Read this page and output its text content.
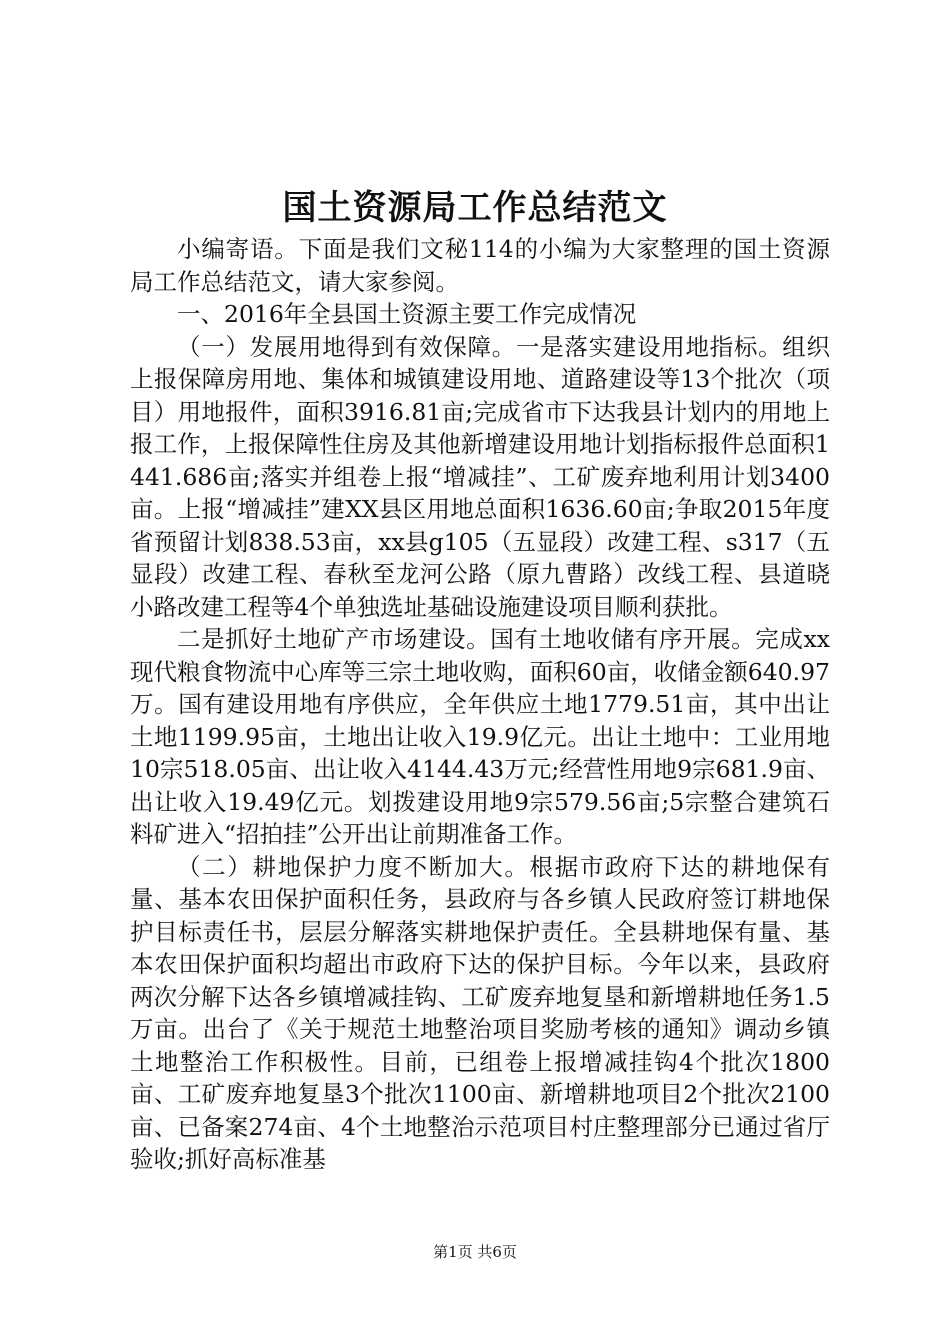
国土资源局工作总结范文

小编寄语。下面是我们文秘114的小编为大家整理的国土资源局工作总结范文，请大家参阅。

一、2016年全县国土资源主要工作完成情况

（一）发展用地得到有效保障。一是落实建设用地指标。组织上报保障房用地、集体和城镇建设用地、道路建设等13个批次（项目）用地报件，面积3916.81亩;完成省市下达我县计划内的用地上报工作，上报保障性住房及其他新增建设用地计划指标报件总面积1441.686亩;落实并组卷上报“增减挂”、工矿废弃地利用计划3400亩。上报“增减挂”建XX县区用地总面积1636.60亩;争取2015年度省预留计划838.53亩，xx县g105（五显段）改建工程、s317（五显段）改建工程、春秋至龙河公路（原九曹路）改线工程、县道晓小路改建工程等4个单独选址基础设施建设项目顺利获批。

二是抓好土地矿产市场建设。国有土地收储有序开展。完成xx现代粮食物流中心库等三宗土地收购，面积60亩，收储金额640.97万。国有建设用地有序供应，全年供应土地1779.51亩，其中出让土地1199.95亩，土地出让收入19.9亿元。出让土地中：工业用地10宗518.05亩、出让收入4144.43万元;经营性用地9宗681.9亩、出让收入19.49亿元。划拨建设用地9宗579.56亩;5宗整合建筑石料矿进入“招拍挂”公开出让前期准备工作。

（二）耕地保护力度不断加大。根据市政府下达的耕地保有量、基本农田保护面积任务，县政府与各乡镇人民政府签订耕地保护目标责任书，层层分解落实耕地保护责任。全县耕地保有量、基本农田保护面积均超出市政府下达的保护目标。今年以来，县政府两次分解下达各乡镇增减挂钩、工矿废弃地复垦和新增耕地任务1.5万亩。出台了《关于规范土地整治项目奖励考核的通知》调动乡镇土地整治工作积极性。目前，已组卷上报增减挂钩4个批次1800亩、工矿废弃地复垦3个批次1100亩、新增耕地项目2个批次2100亩、已备案274亩、4个土地整治示范项目村庄整理部分已通过省厅验收;抓好高标准基

第1页 共6页
